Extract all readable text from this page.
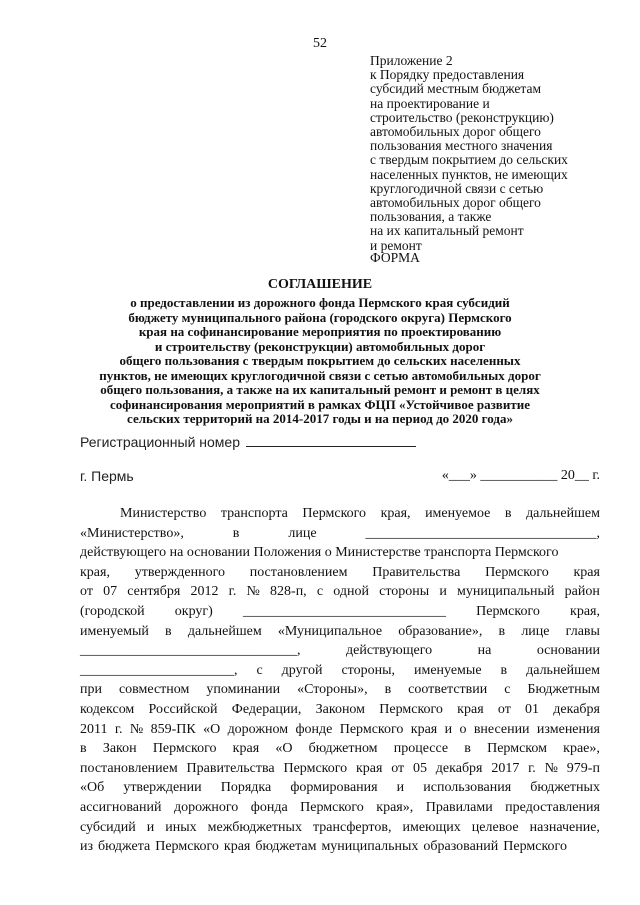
52
Приложение 2
к Порядку предоставления
субсидий местным бюджетам
на проектирование и
строительство (реконструкцию)
автомобильных дорог общего
пользования местного значения
с твердым покрытием до сельских
населенных пунктов, не имеющих
круглогодичной связи с сетью
автомобильных дорог общего
пользования, а также
на их капитальный ремонт
и ремонт
ФОРМА
СОГЛАШЕНИЕ
о предоставлении из дорожного фонда Пермского края субсидий
бюджету муниципального района (городского округа) Пермского
края на софинансирование мероприятия по проектированию
и строительству (реконструкции) автомобильных дорог
общего пользования с твердым покрытием до сельских населенных
пунктов, не имеющих круглогодичной связи с сетью автомобильных дорог
общего пользования, а также на их капитальный ремонт и ремонт в целях
софинансирования мероприятий в рамках ФЦП «Устойчивое развитие
сельских территорий на 2014-2017 годы и на период до 2020 года»
Регистрационный номер
г. Пермь	«___» ___________ 20__ г.
Министерство транспорта Пермского края, именуемое в дальнейшем
«Министерство»,	в	лице	_________________________________,
действующего на основании Положения о Министерстве транспорта Пермского
края, утвержденного постановлением Правительства Пермского края
от 07 сентября 2012 г. № 828-п, с одной стороны и муниципальный район
(городской округ) _____________________________ Пермского края,
именуемый в дальнейшем «Муниципальное образование», в лице главы
_______________________________,	действующего	на	основании
______________________, с другой стороны, именуемые в дальнейшем
при совместном упоминании «Стороны», в соответствии с Бюджетным
кодексом Российской Федерации, Законом Пермского края от 01 декабря
2011 г. № 859-ПК «О дорожном фонде Пермского края и о внесении изменения
в Закон Пермского края «О бюджетном процессе в Пермском крае»,
постановлением Правительства Пермского края от 05 декабря 2017 г. № 979-п
«Об утверждении Порядка формирования и использования бюджетных
ассигнований дорожного фонда Пермского края», Правилами предоставления
субсидий и иных межбюджетных трансфертов, имеющих целевое назначение,
из бюджета Пермского края бюджетам муниципальных образований Пермского
